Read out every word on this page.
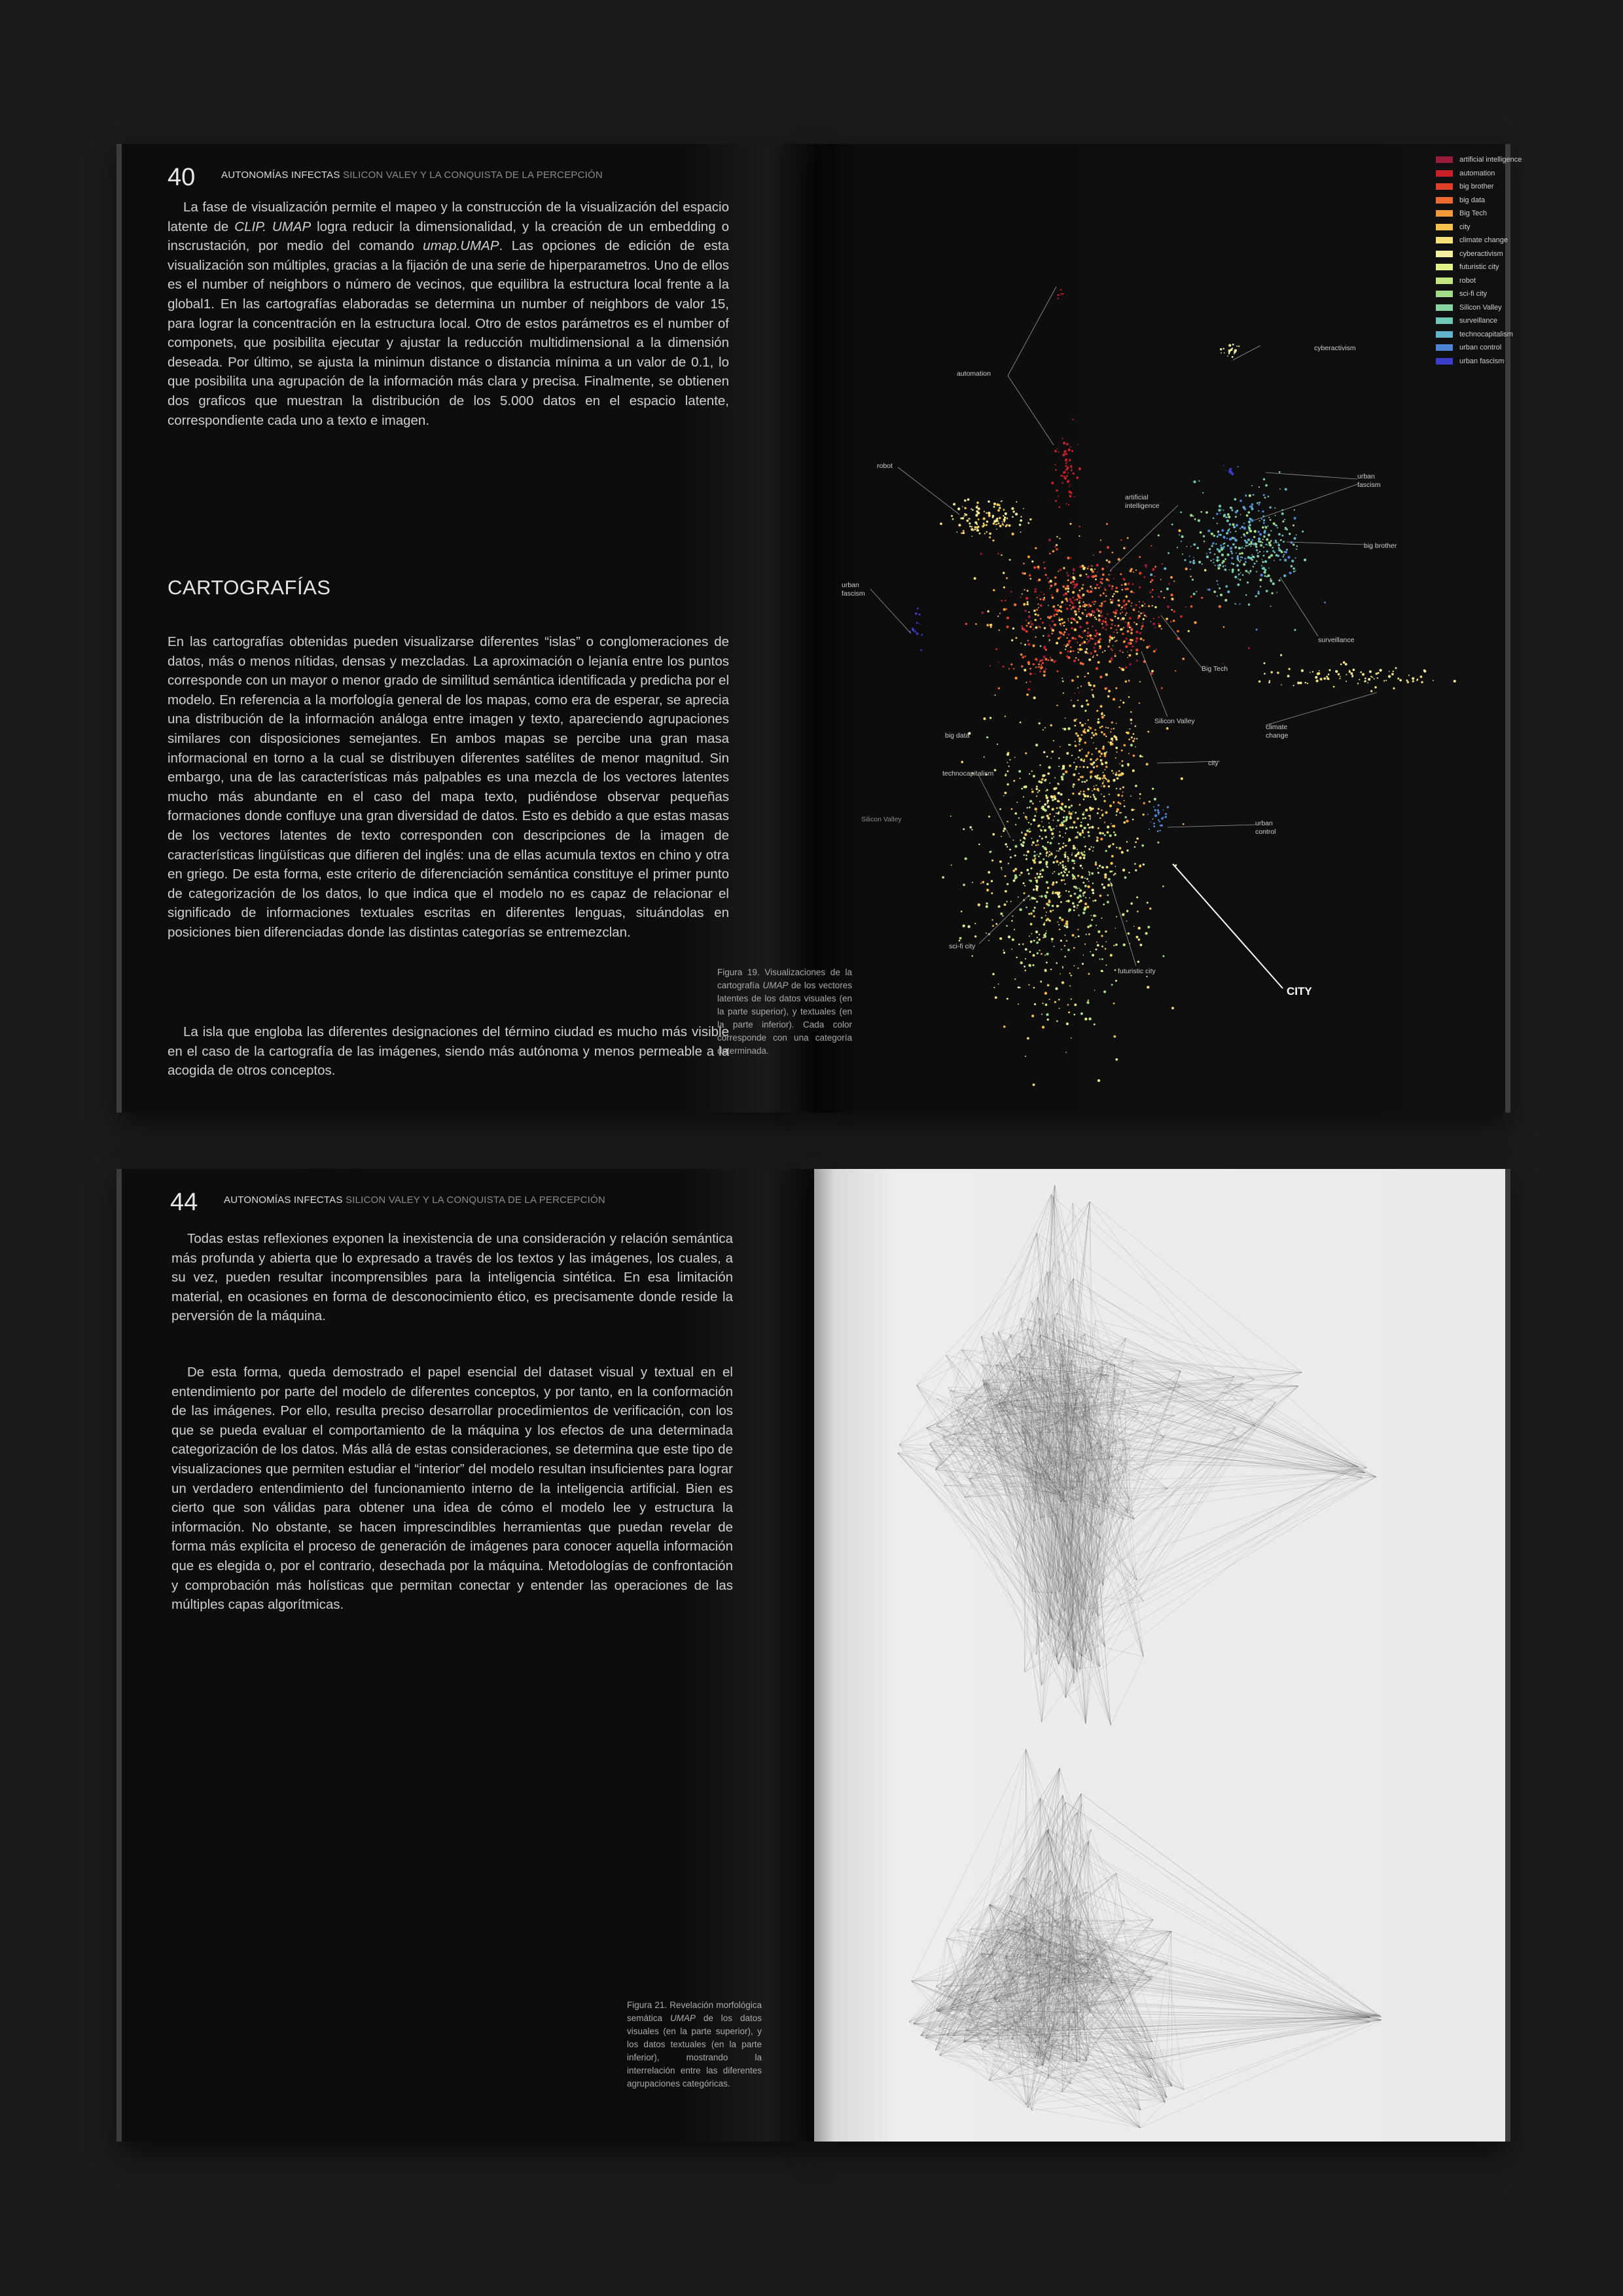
40	AUTONOMÍAS INFECTAS SILICON VALEY Y LA CONQUISTA DE LA PERCEPCIÓN

La fase de visualización permite el mapeo y la construcción de la visualización del espacio latente de CLIP. UMAP logra reducir la dimensionalidad, y la creación de un embedding o inscrustación, por medio del comando umap.UMAP. Las opciones de edición de esta visualización son múltiples, gracias a la fijación de una serie de hiperparametros. Uno de ellos es el number of neighbors o número de vecinos, que equilibra la estructura local frente a la global1. En las cartografías elaboradas se determina un number of neighbors de valor 15, para lograr la concentración en la estructura local. Otro de estos parámetros es el number of componets, que posibilita ejecutar y ajustar la reducción multidimensional a la dimensión deseada. Por último, se ajusta la minimun distance o distancia mínima a un valor de 0.1, lo que posibilita una agrupación de la información más clara y precisa. Finalmente, se obtienen dos graficos que muestran la distribución de los 5.000 datos en el espacio latente, correspondiente cada uno a texto e imagen.

CARTOGRAFÍAS

En las cartografías obtenidas pueden visualizarse diferentes “islas” o conglomeraciones de datos, más o menos nítidas, densas y mezcladas. La aproximación o lejanía entre los puntos corresponde con un mayor o menor grado de similitud semántica identificada y predicha por el modelo. En referencia a la morfología general de los mapas, como era de esperar, se aprecia una distribución de la información análoga entre imagen y texto, apareciendo agrupaciones similares con disposiciones semejantes. En ambos mapas se percibe una gran masa informacional en torno a la cual se distribuyen diferentes satélites de menor magnitud. Sin embargo, una de las características más palpables es una mezcla de los vectores latentes mucho más abundante en el caso del mapa texto, pudiéndose observar pequeñas formaciones donde confluye una gran diversidad de datos. Esto es debido a que estas masas de los vectores latentes de texto corresponden con descripciones de la imagen de características lingüísticas que difieren del inglés: una de ellas acumula textos en chino y otra en griego. De esta forma, este criterio de diferenciación semántica constituye el primer punto de categorización de los datos, lo que indica que el modelo no es capaz de relacionar el significado de informaciones textuales escritas en diferentes lenguas, situándolas en posiciones bien diferenciadas donde las distintas categorías se entremezclan.

La isla que engloba las diferentes designaciones del término ciudad es mucho más visible en el caso de la cartografía de las imágenes, siendo más autónoma y menos permeable a la acogida de otros conceptos.

Figura 19. Visualizaciones de la cartografía UMAP de los vectores latentes de los datos visuales (en la parte superior), y textuales (en la parte inferior). Cada color corresponde con una categoría determinada.
artificial intelligence
automation
big brother
big data
Big Tech
city
climate change
cyberactivism
futuristic city
robot
sci-fi city
Silicon Valley
surveillance
technocapitalism
urban control
urban fascism
cyberactivism
automation
robot
artificial
intelligence
urban
fascism
big brother
urban
fascism
surveillance
Big Tech
Silicon Valley
climate
change
big data
technocapitalism
city
Silicon Valley	urban
control
sci-fi city
futuristic city
CITY
44	AUTONOMÍAS INFECTAS SILICON VALEY Y LA CONQUISTA DE LA PERCEPCIÓN

Todas estas reflexiones exponen la inexistencia de una consideración y relación semántica más profunda y abierta que lo expresado a través de los textos y las imágenes, los cuales, a su vez, pueden resultar incomprensibles para la inteligencia sintética. En esa limitación material, en ocasiones en forma de desconocimiento ético, es precisamente donde reside la perversión de la máquina.

De esta forma, queda demostrado el papel esencial del dataset visual y textual en el entendimiento por parte del modelo de diferentes conceptos, y por tanto, en la conformación de las imágenes. Por ello, resulta preciso desarrollar procedimientos de verificación, con los que se pueda evaluar el comportamiento de la máquina y los efectos de una determinada categorización de los datos. Más allá de estas consideraciones, se determina que este tipo de visualizaciones que permiten estudiar el “interior” del modelo resultan insuficientes para lograr un verdadero entendimiento del funcionamiento interno de la inteligencia artificial. Bien es cierto que son válidas para obtener una idea de cómo el modelo lee y estructura la información. No obstante, se hacen imprescindibles herramientas que puedan revelar de forma más explícita el proceso de generación de imágenes para conocer aquella información que es elegida o, por el contrario, desechada por la máquina. Metodologías de confrontación y comprobación más holísticas que permitan conectar y entender las operaciones de las múltiples capas algorítmicas.

Figura 21. Revelación morfológica semática UMAP de los datos visuales (en la parte superior), y los datos textuales (en la parte inferior), mostrando la interrelación entre las diferentes agrupaciones categóricas.
